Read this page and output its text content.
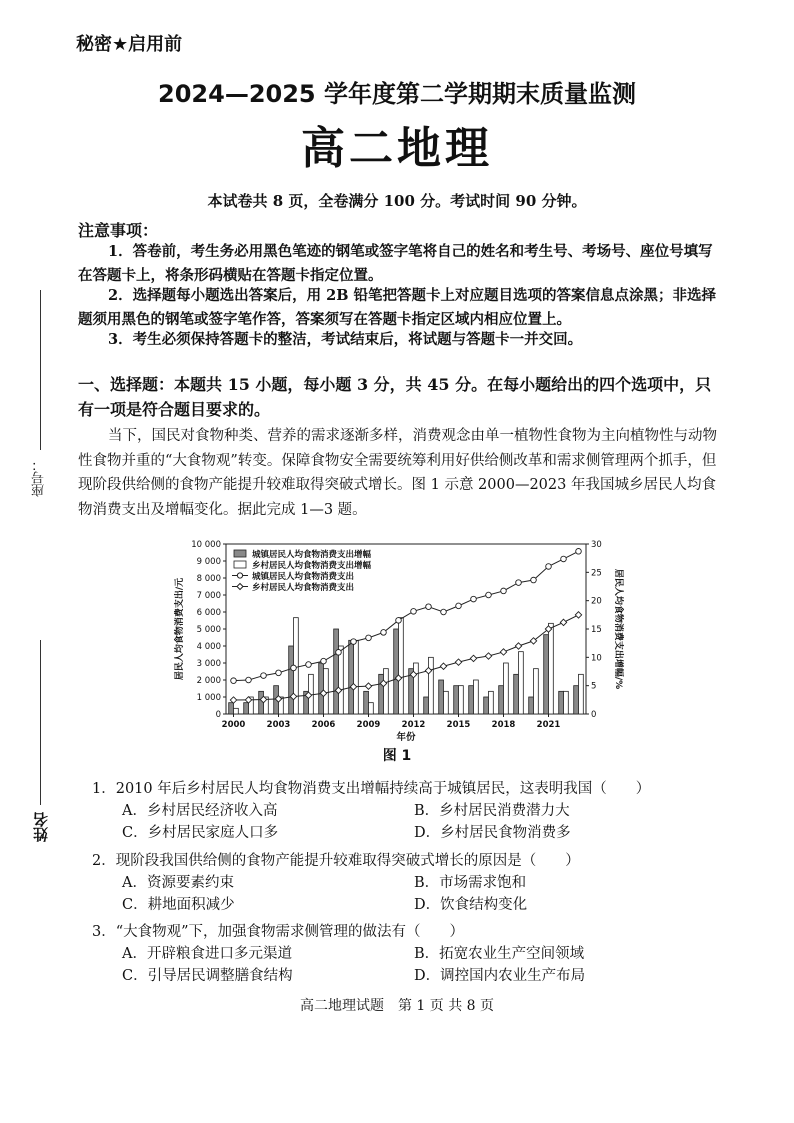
秘密★启用前
2024—2025 学年度第二学期期末质量监测
高二地理
本试卷共 8 页，全卷满分 100 分。考试时间 90 分钟。
注意事项：
1．答卷前，考生务必用黑色笔迹的钢笔或签字笔将自己的姓名和考生号、考场号、座位号填写在答题卡上，将条形码横贴在答题卡指定位置。
2．选择题每小题选出答案后，用 2B 铅笔把答题卡上对应题目选项的答案信息点涂黑；非选择题须用黑色的钢笔或签字笔作答，答案须写在答题卡指定区域内相应位置上。
3．考生必须保持答题卡的整洁，考试结束后，将试题与答题卡一并交回。
一、选择题：本题共 15 小题，每小题 3 分，共 45 分。在每小题给出的四个选项中，只有一项是符合题目要求的。
当下，国民对食物种类、营养的需求逐渐多样，消费观念由单一植物性食物为主向植物性与动物性食物并重的“大食物观”转变。保障食物安全需要统筹利用好供给侧改革和需求侧管理两个抓手，但现阶段供给侧的食物产能提升较难取得突破式增长。图 1 示意 2000—2023 年我国城乡居民人均食物消费支出及增幅变化。据此完成 1—3 题。
座号：
姓名
0
1 000
2 000
3 000
4 000
5 000
6 000
7 000
8 000
9 000
10 000
0
5
10
15
20
25
30
2000	2003	2006	2009	2012	2015	2018	2021
城镇居民人均食物消费支出增幅
乡村居民人均食物消费支出增幅
城镇居民人均食物消费支出
乡村居民人均食物消费支出
年份
居民人均食物消费支出/元	居民人均食物消费支出增幅/%
图 1
1．2010 年后乡村居民人均食物消费支出增幅持续高于城镇居民，这表明我国（　　）
A．乡村居民经济收入高	B．乡村居民消费潜力大
C．乡村居民家庭人口多	D．乡村居民食物消费多
2．现阶段我国供给侧的食物产能提升较难取得突破式增长的原因是（　　）
A．资源要素约束	B．市场需求饱和
C．耕地面积减少	D．饮食结构变化
3．“大食物观”下，加强食物需求侧管理的做法有（　　）
A．开辟粮食进口多元渠道	B．拓宽农业生产空间领域
C．引导居民调整膳食结构	D．调控国内农业生产布局
高二地理试题　第 1 页 共 8 页
